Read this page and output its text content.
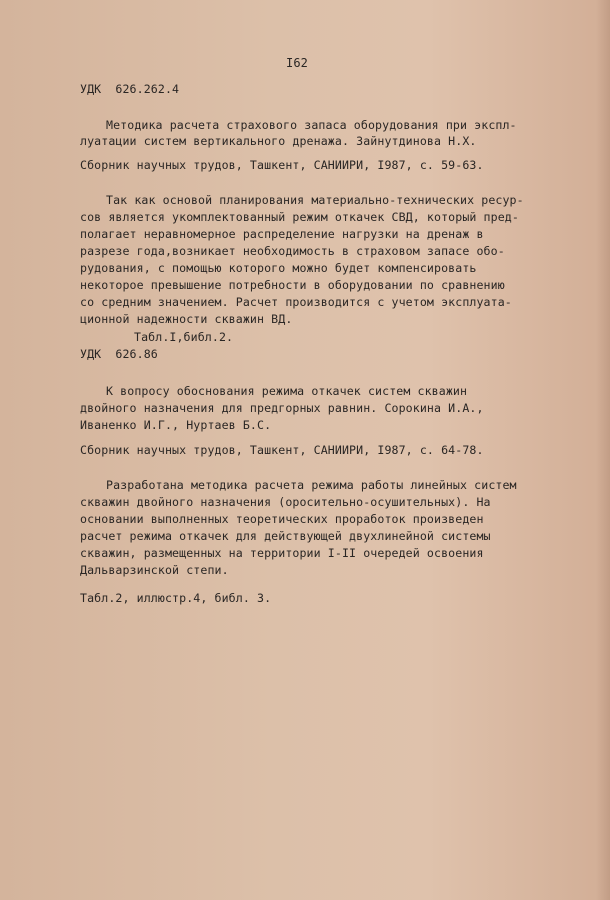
I62
УДК  626.262.4
Методика расчета страхового запаса оборудования при экспл-
луатации систем вертикального дренажа. Зайнутдинова Н.Х.
Сборник научных трудов, Ташкент, САНИИРИ, I987, с. 59-63.
Так как основой планирования материально-технических ресур-
сов является укомплектованный режим откачек СВД, который пред-
полагает неравномерное распределение нагрузки на дренаж в
разрезе года,возникает необходимость в страховом запасе обо-
рудования, с помощью которого можно будет компенсировать
некоторое превышение потребности в оборудовании по сравнению
со средним значением. Расчет производится с учетом эксплуата-
ционной надежности скважин ВД.
Табл.I,библ.2.
УДК  626.86
К вопросу обоснования режима откачек систем скважин
двойного назначения для предгорных равнин. Сорокина И.А.,
Иваненко И.Г., Нуртаев Б.С.
Сборник научных трудов, Ташкент, САНИИРИ, I987, с. 64-78.
Разработана методика расчета режима работы линейных систем
скважин двойного назначения (оросительно-осушительных). На
основании выполненных теоретических проработок произведен
расчет режима откачек для действующей двухлинейной системы
скважин, размещенных на территории I-II очередей освоения
Дальварзинской степи.
Табл.2, иллюстр.4, библ. 3.
